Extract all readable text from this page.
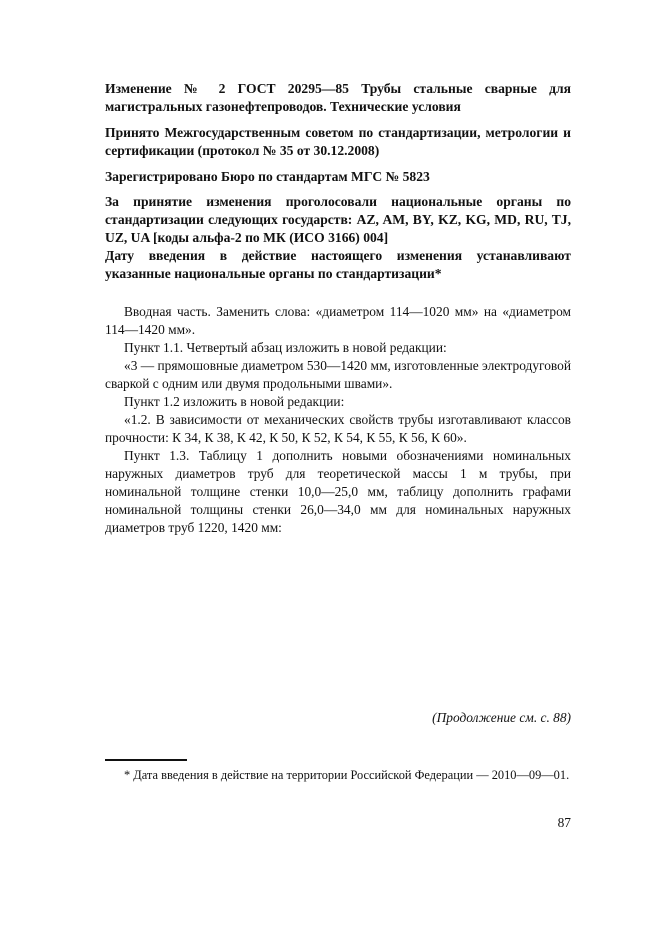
Изменение № 2 ГОСТ 20295—85 Трубы стальные сварные для магистральных газонефтепроводов. Технические условия

Принято Межгосударственным советом по стандартизации, метрологии и сертификации (протокол № 35 от 30.12.2008)

Зарегистрировано Бюро по стандартам МГС № 5823

За принятие изменения проголосовали национальные органы по стандартизации следующих государств: AZ, AM, BY, KZ, KG, MD, RU, TJ, UZ, UA [коды альфа-2 по МК (ИСО 3166) 004]

Дату введения в действие настоящего изменения устанавливают указанные национальные органы по стандартизации*

Вводная часть. Заменить слова: «диаметром 114—1020 мм» на «диаметром 114—1420 мм».

Пункт 1.1. Четвертый абзац изложить в новой редакции:

«3 — прямошовные диаметром 530—1420 мм, изготовленные электродуговой сваркой с одним или двумя продольными швами».

Пункт 1.2 изложить в новой редакции:

«1.2. В зависимости от механических свойств трубы изготавливают классов прочности: К 34, К 38, К 42, К 50, К 52, К 54, К 55, К 56, К 60».

Пункт 1.3. Таблицу 1 дополнить новыми обозначениями номинальных наружных диаметров труб для теоретической массы 1 м трубы, при номинальной толщине стенки 10,0—25,0 мм, таблицу дополнить графами номинальной толщины стенки 26,0—34,0 мм для номинальных наружных диаметров труб 1220, 1420 мм:

(Продолжение см. с. 88)

* Дата введения в действие на территории Российской Федерации — 2010—09—01.

87
